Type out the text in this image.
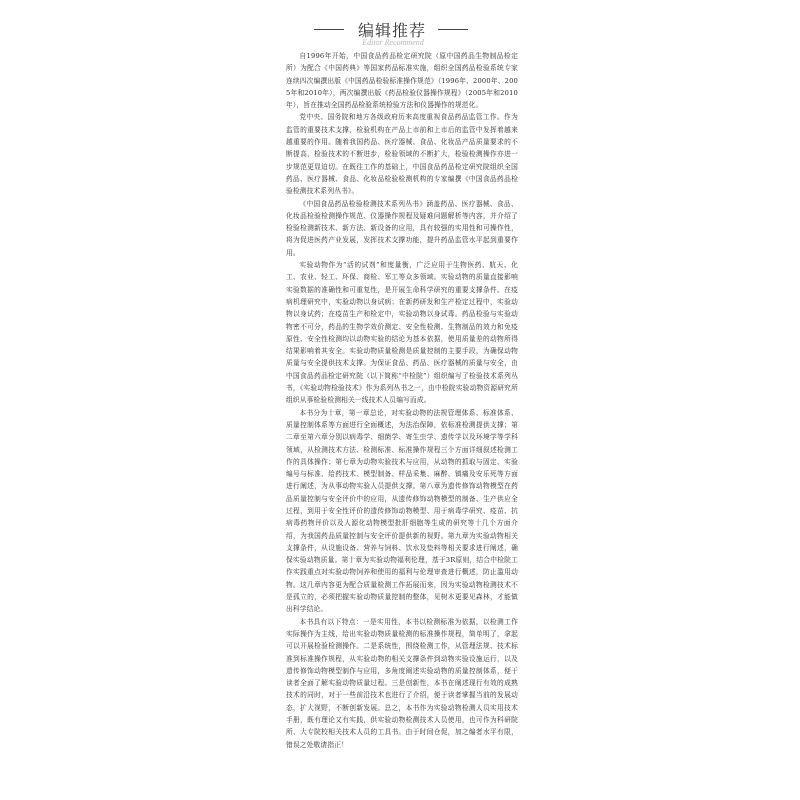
编辑推荐
Editor Recommend

自1996年开始，中国食品药品检定研究院（原中国药品生物制品检定所）为配合《中国药典》等国家药品标准实施，组织全国药品检验系统专家连续四次编撰出版《中国药品检验标准操作规范》（1996年、2000年、2005年和2010年），两次编撰出版《药品检验仪器操作规程》（2005年和2010年），旨在推动全国药品检验系统检验方法和仪器操作的规范化。

党中央、国务院和地方各级政府历来高度重视食品药品监管工作。作为监管的重要技术支撑，检验机构在产品上市前和上市后的监管中发挥着越来越重要的作用。随着我国药品、医疗器械、食品、化妆品产品质量要求的不断提高，检验技术的不断进步，检验领域的不断扩大，检验检测操作亦进一步规范更显迫切。在既往工作的基础上，中国食品药品检定研究院组织全国药品、医疗器械、食品、化妆品检验检测机构的专家编撰《中国食品药品检验检测技术系列丛书》。

《中国食品药品检验检测技术系列丛书》涵盖药品、医疗器械、食品、化妆品检验检测操作规范、仪器操作规程及疑难问题解析等内容，并介绍了检验检测新技术、新方法、新设备的应用，具有较强的实用性和可操作性，将为促进医药产业发展，发挥技术支撑功能，提升药品监管水平起到重要作用。

实验动物作为“活的试剂”和度量衡，广泛应用于生物医药、航天、化工、农业、轻工、环保、商检、军工等众多领域。实验动物的质量直接影响实验数据的准确性和可重复性，是开展生命科学研究的重要支撑条件。在疫病机理研究中，实验动物以身试病；在新药研发和生产检定过程中，实验动物以身试药；在疫苗生产和检定中，实验动物以身试毒。药品检验与实验动物密不可分，药品的生物学效价测定、安全性检测、生物制品的效力和免疫原性、安全性检测均以动物实验的结论为基本依据，使用质量差的动物所得结果影响着其安全。实验动物质量检测是质量控制的主要手段，为确保动物质量与安全提供技术支撑。为保证食品、药品、医疗器械的质量与安全，由中国食品药品检定研究院（以下简称“中检院”）组织编写了检验技术系列丛书，《实验动物检验技术》作为系列丛书之一，由中检院实验动物资源研究所组织从事检验检测相关一线技术人员编写而成。

本书分为十章，第一章总论，对实验动物的法规管理体系、标准体系、质量控制体系等方面进行全面概述，为法治保障，依标准检测提供支撑；第二章至第六章分别以病毒学、细菌学、寄生虫学、遗传学以及环境学等学科领域，从检测技术方法、检测标准、标准操作规程三个方面详细叙述检测工作的具体操作；第七章为动物实验技术与应用，从动物的抓取与固定、实验编号与标准、给药技术、模型制备、样品采集、麻醉、镇痛及安乐死等方面进行阐述，为从事动物实验人员提供支撑。第八章为遗传修饰动物模型在药品质量控制与安全评价中的应用，从遗传修饰动物模型的制备、生产供应全过程，到用于安全性评价的遗传修饰动物模型、用于病毒学研究、疫苗、抗病毒药物评价以及人源化动物模型批肝细胞等生成的研究等十几个方面介绍，为我国药品质量控制与安全评价提供新的视野。第九章为实验动物相关支撑条件，从设施设备、营养与饲料、饮水及垫料等相关要求进行阐述，确保实验动物质量。第十章为实验动物福利伦理，基于3R原则，结合中检院工作实践重点对实验动物饲养和使用的福利与伦理审查进行概述，防止滥用动物。这几章内容更为配合质量检测工作拓展而来，因为实验动物检测技术不是孤立的，必须把握实验动物质量控制的整体，见树木更要见森林，才能做出科学结论。

本书具有以下特点：一是实用性，本书以检测标准为依据，以检测工作实际操作为主线，给出实验动物质量检测的标准操作规程，简单明了，拿起可以开展检验检测操作。二是系统性，围绕检测工作，从管理法规、技术标准到标准操作规程，从实验动物的相关支撑条件到动物实验设施运行，以及遗传修饰动物模型制作与应用，多角度阐述实验动物的质量控制体系，便于读者全面了解实验动物质量过程。三是创新性，本书在阐述现行有效的成熟技术的同时，对于一些前沿技术也进行了介绍，便于读者掌握当前的发展动态，扩大视野，不断创新发展。总之，本书作为实验动物检测人员实用技术手册，既有理论又有实践，供实验动物检测技术人员使用，也可作为科研院所、大专院校相关技术人员的工具书。由于时间仓促，加之编者水平有限，错误之处敬请指正！
